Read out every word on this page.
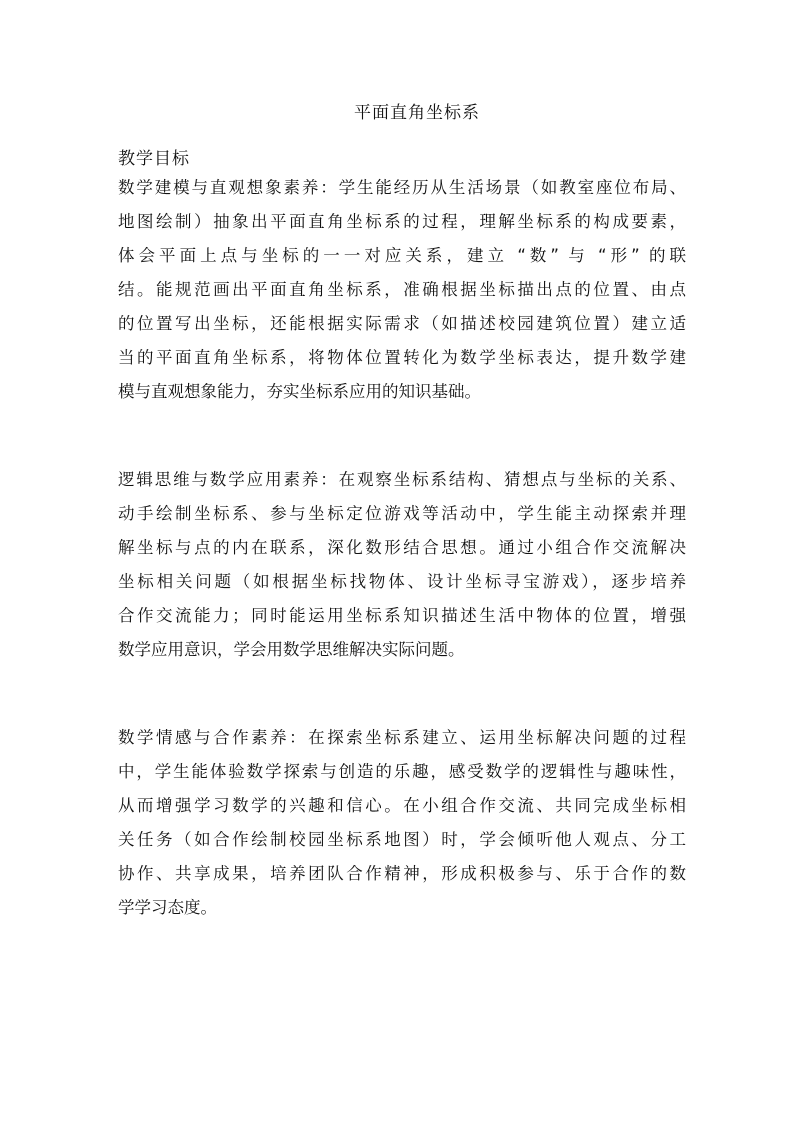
平面直角坐标系
教学目标
数学建模与直观想象素养：学生能经历从生活场景（如教室座位布局、
地图绘制）抽象出平面直角坐标系的过程，理解坐标系的构成要素，
体会平面上点与坐标的一一对应关系，建立 “数” 与 “形” 的联
结。能规范画出平面直角坐标系，准确根据坐标描出点的位置、由点
的位置写出坐标，还能根据实际需求（如描述校园建筑位置）建立适
当的平面直角坐标系，将物体位置转化为数学坐标表达，提升数学建
模与直观想象能力，夯实坐标系应用的知识基础。
逻辑思维与数学应用素养：在观察坐标系结构、猜想点与坐标的关系、
动手绘制坐标系、参与坐标定位游戏等活动中，学生能主动探索并理
解坐标与点的内在联系，深化数形结合思想。通过小组合作交流解决
坐标相关问题（如根据坐标找物体、设计坐标寻宝游戏），逐步培养
合作交流能力；同时能运用坐标系知识描述生活中物体的位置，增强
数学应用意识，学会用数学思维解决实际问题。
数学情感与合作素养：在探索坐标系建立、运用坐标解决问题的过程
中，学生能体验数学探索与创造的乐趣，感受数学的逻辑性与趣味性，
从而增强学习数学的兴趣和信心。在小组合作交流、共同完成坐标相
关任务（如合作绘制校园坐标系地图）时，学会倾听他人观点、分工
协作、共享成果，培养团队合作精神，形成积极参与、乐于合作的数
学学习态度。
